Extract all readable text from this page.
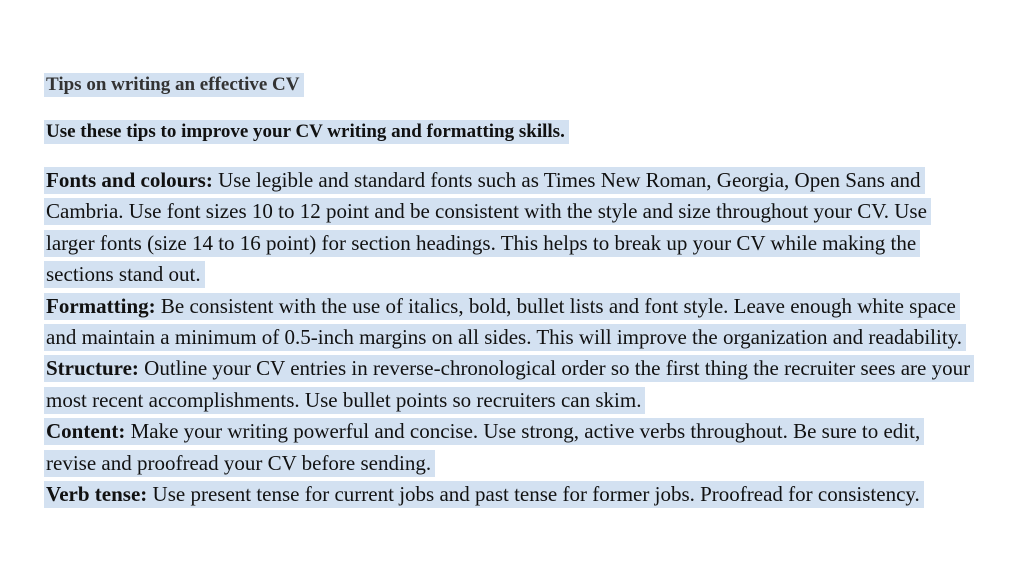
Tips on writing an effective CV
Use these tips to improve your CV writing and formatting skills.
Fonts and colours: Use legible and standard fonts such as Times New Roman, Georgia, Open Sans and Cambria. Use font sizes 10 to 12 point and be consistent with the style and size throughout your CV. Use larger fonts (size 14 to 16 point) for section headings. This helps to break up your CV while making the sections stand out.
Formatting: Be consistent with the use of italics, bold, bullet lists and font style. Leave enough white space and maintain a minimum of 0.5-inch margins on all sides. This will improve the organization and readability.
Structure: Outline your CV entries in reverse-chronological order so the first thing the recruiter sees are your most recent accomplishments. Use bullet points so recruiters can skim.
Content: Make your writing powerful and concise. Use strong, active verbs throughout. Be sure to edit, revise and proofread your CV before sending.
Verb tense: Use present tense for current jobs and past tense for former jobs. Proofread for consistency.
